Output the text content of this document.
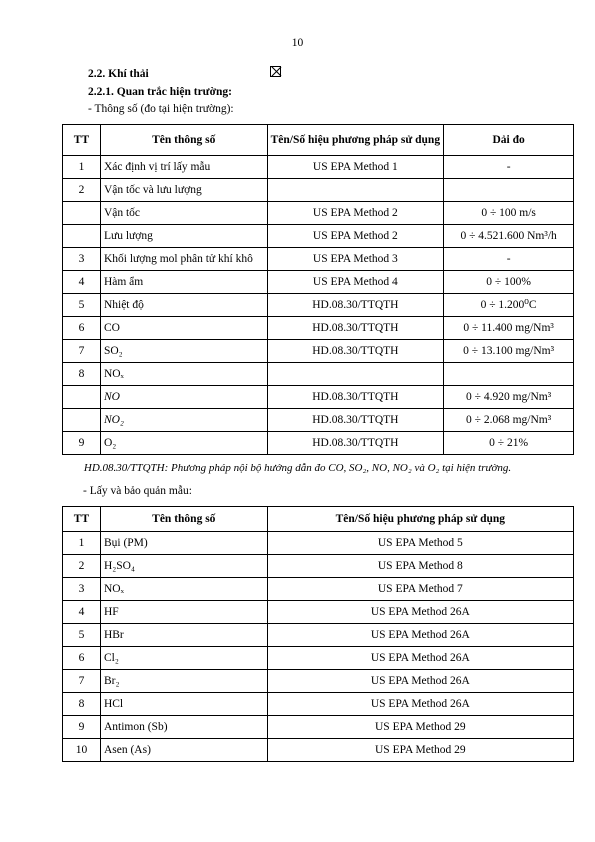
10
2.2. Khí thải
2.2.1. Quan trắc hiện trường:
- Thông số (đo tại hiện trường):
TT	Tên thông số	Tên/Số hiệu phương pháp sử dụng	Dải đo
1	Xác định vị trí lấy mẫu	US EPA Method 1	-
2	Vận tốc và lưu lượng		
	Vận tốc	US EPA Method 2	0 ÷ 100 m/s
	Lưu lượng	US EPA Method 2	0 ÷ 4.521.600 Nm³/h
3	Khối lượng mol phân tử khí khô	US EPA Method 3	-
4	Hàm ẩm	US EPA Method 4	0 ÷ 100%
5	Nhiệt độ	HD.08.30/TTQTH	0 ÷ 1.200⁰C
6	CO	HD.08.30/TTQTH	0 ÷ 11.400 mg/Nm³
7	SO₂	HD.08.30/TTQTH	0 ÷ 13.100 mg/Nm³
8	NOₓ		
	NO	HD.08.30/TTQTH	0 ÷ 4.920 mg/Nm³
	NO₂	HD.08.30/TTQTH	0 ÷ 2.068 mg/Nm³
9	O₂	HD.08.30/TTQTH	0 ÷ 21%
HD.08.30/TTQTH: Phương pháp nội bộ hướng dẫn đo CO, SO₂, NO, NO₂ và O₂ tại hiện trường.
- Lấy và bảo quản mẫu:
TT	Tên thông số	Tên/Số hiệu phương pháp sử dụng
1	Bụi (PM)	US EPA Method 5
2	H₂SO₄	US EPA Method 8
3	NOₓ	US EPA Method 7
4	HF	US EPA Method 26A
5	HBr	US EPA Method 26A
6	Cl₂	US EPA Method 26A
7	Br₂	US EPA Method 26A
8	HCl	US EPA Method 26A
9	Antimon (Sb)	US EPA Method 29
10	Asen (As)	US EPA Method 29
